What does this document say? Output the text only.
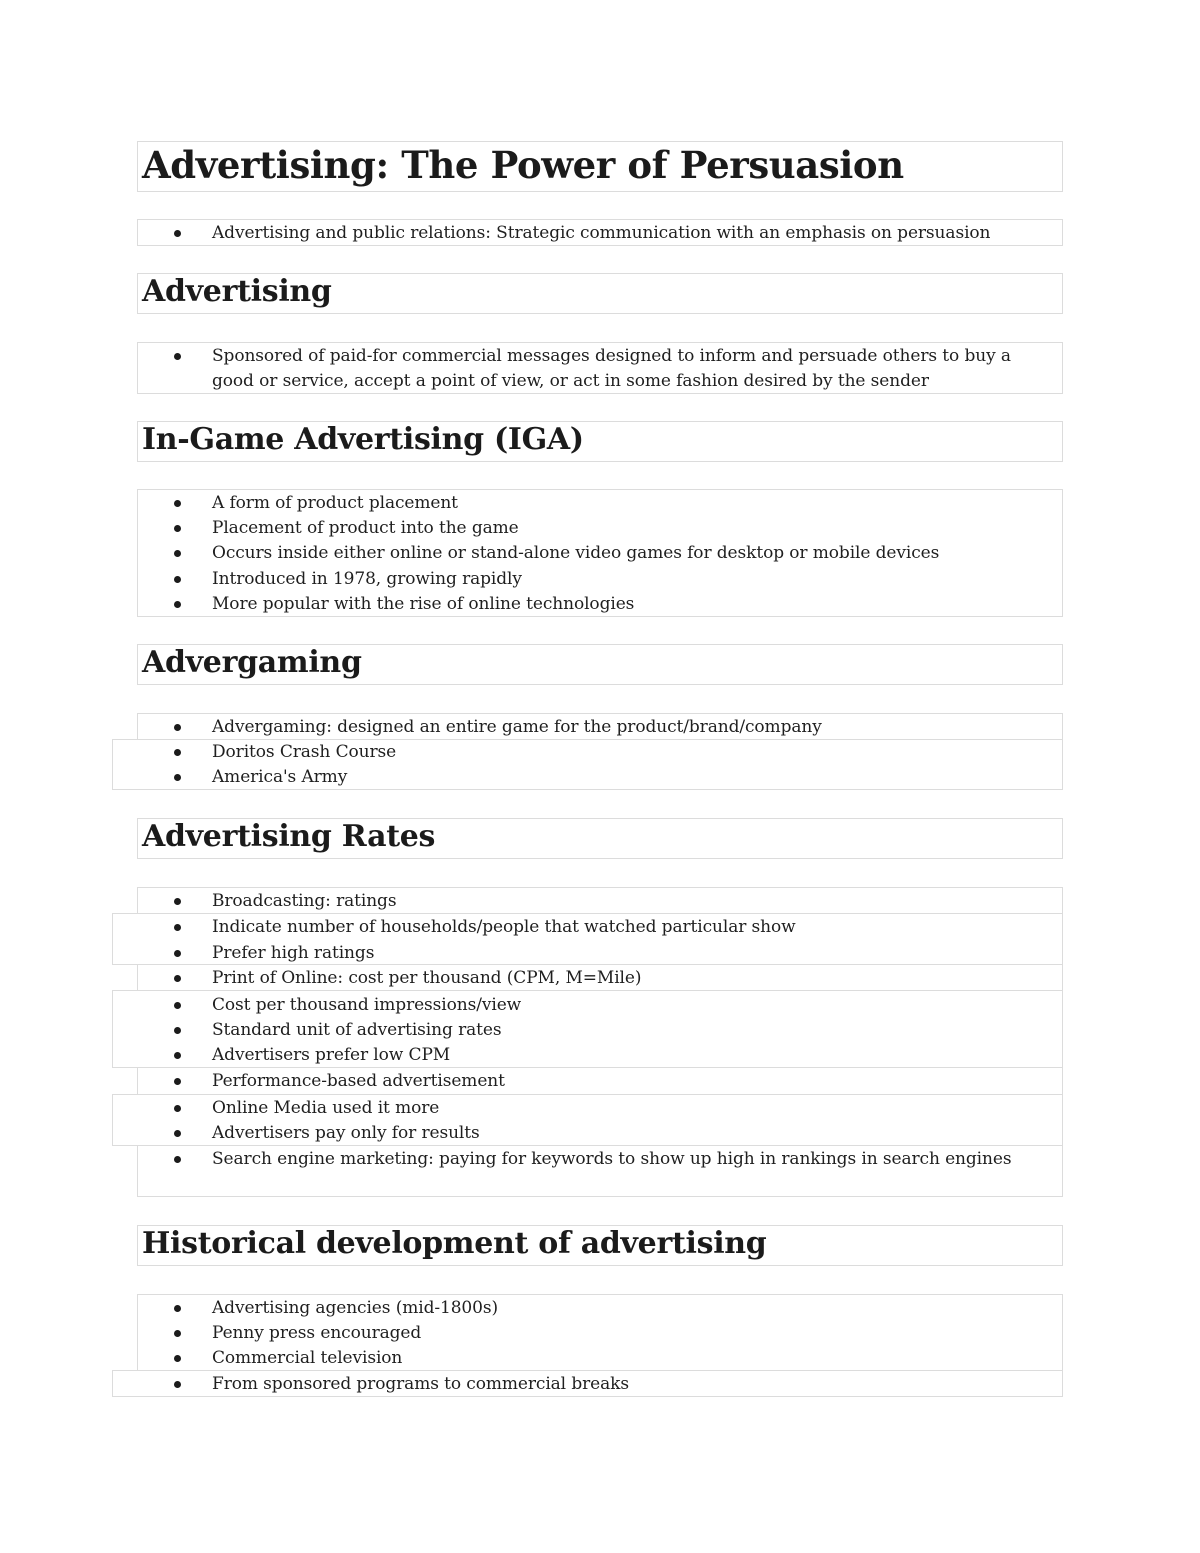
Advertising: The Power of Persuasion
Advertising and public relations: Strategic communication with an emphasis on persuasion
Advertising
Sponsored of paid-for commercial messages designed to inform and persuade others to buy a good or service, accept a point of view, or act in some fashion desired by the sender
In-Game Advertising (IGA)
A form of product placement
Placement of product into the game
Occurs inside either online or stand-alone video games for desktop or mobile devices
Introduced in 1978, growing rapidly
More popular with the rise of online technologies
Advergaming
Advergaming: designed an entire game for the product/brand/company
Doritos Crash Course
America's Army
Advertising Rates
Broadcasting: ratings
Indicate number of households/people that watched particular show
Prefer high ratings
Print of Online: cost per thousand (CPM, M=Mile)
Cost per thousand impressions/view
Standard unit of advertising rates
Advertisers prefer low CPM
Performance-based advertisement
Online Media used it more
Advertisers pay only for results
Search engine marketing: paying for keywords to show up high in rankings in search engines
Historical development of advertising
Advertising agencies (mid-1800s)
Penny press encouraged
Commercial television
From sponsored programs to commercial breaks
